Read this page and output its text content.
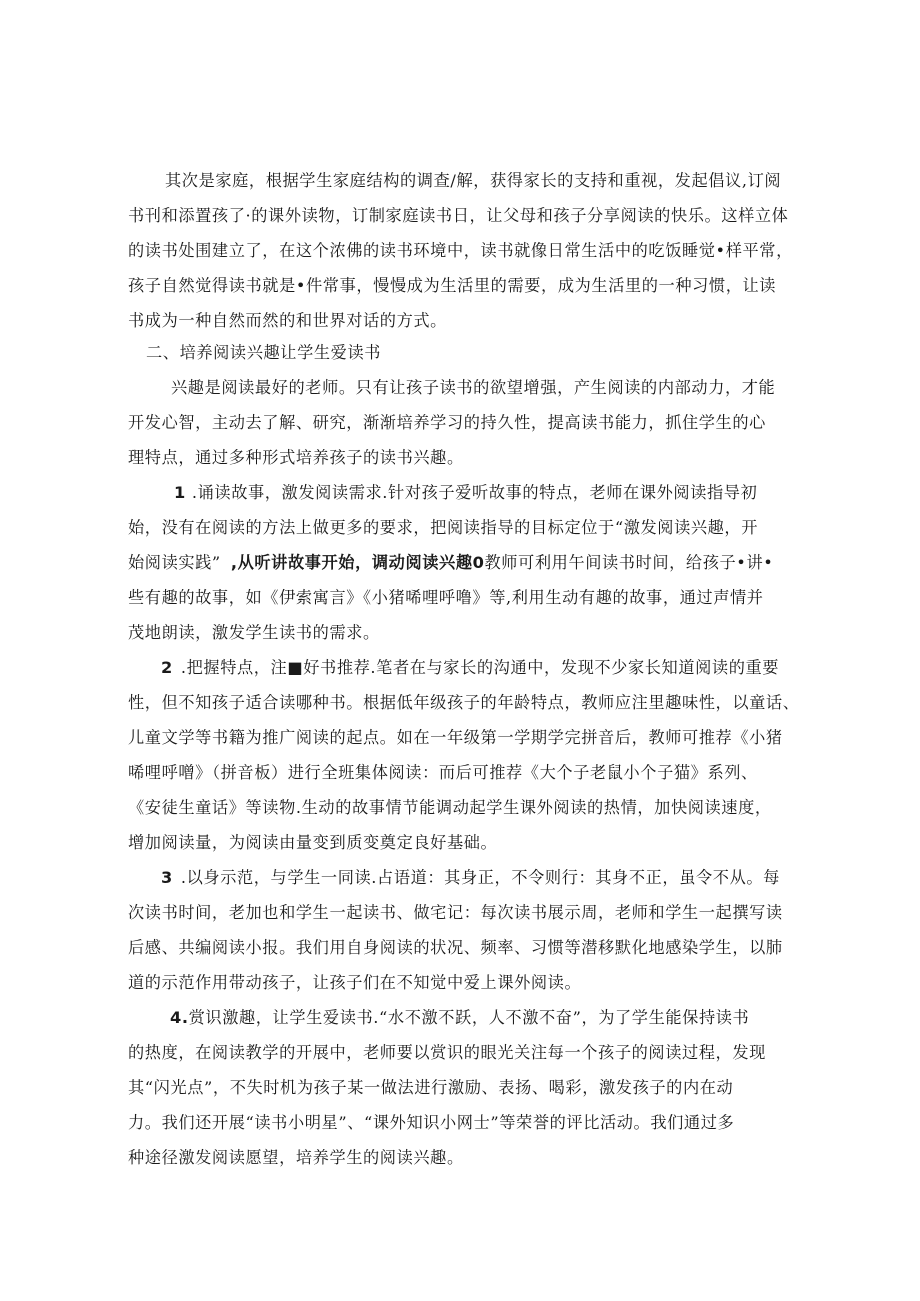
其次是家庭，根据学生家庭结构的调查/解，获得家长的支持和重视，发起倡议,订阅
书刊和添置孩了·的课外读物，订制家庭读书日，让父母和孩子分享阅读的快乐。这样立体
的读书处围建立了，在这个浓佛的读书环境中，读书就像日常生活中的吃饭睡觉•样平常，
孩子自然觉得读书就是•件常事，慢慢成为生活里的需要，成为生活里的一种习惯，让读
书成为一种自然而然的和世界对话的方式。
二、培养阅读兴趣让学生爱读书
兴趣是阅读最好的老师。只有让孩子读书的欲望增强，产生阅读的内部动力，才能
开发心智，主动去了解、研究，渐渐培养学习的持久性，提高读书能力，抓住学生的心
理特点，通过多种形式培养孩子的读书兴趣。
1 .诵读故事，激发阅读需求.针对孩子爱听故事的特点，老师在课外阅读指导初
始，没有在阅读的方法上做更多的要求，把阅读指导的目标定位于“激发阅读兴趣，开
始阅读实践” ,从听讲故事开始，调动阅读兴趣0教师可利用午间读书时间，给孩子•讲•
些有趣的故事，如《伊索寓言》《小猪唏哩呼噜》等,利用生动有趣的故事，通过声情并
茂地朗读，激发学生读书的需求。
2 .把握特点，注■好书推荐.笔者在与家长的沟通中，发现不少家长知道阅读的重要
性，但不知孩子适合读哪种书。根据低年级孩子的年龄特点，教师应注里趣味性，以童话、
儿童文学等书籍为推广阅读的起点。如在一年级第一学期学完拼音后，教师可推荐《小猪
唏哩呼噌》（拼音板）进行全班集体阅读：而后可推荐《大个子老鼠小个子猫》系列、
《安徒生童话》等读物.生动的故事情节能调动起学生课外阅读的热情，加快阅读速度，
增加阅读量，为阅读由量变到质变奠定良好基础。
3 .以身示范，与学生一同读.占语道：其身正，不令则行：其身不正，虽令不从。每
次读书时间，老加也和学生一起读书、做宅记：每次读书展示周，老师和学生一起撰写读
后感、共编阅读小报。我们用自身阅读的状况、频率、习惯等潜移默化地感染学生，以肺
道的示范作用带动孩子，让孩子们在不知觉中爱上课外阅读。
4.赏识激趣，让学生爱读书.“水不激不跃，人不激不奋”，为了学生能保持读书
的热度，在阅读教学的开展中，老师要以赏识的眼光关注每一个孩子的阅读过程，发现
其“闪光点”，不失时机为孩子某一做法进行激励、表扬、喝彩，激发孩子的内在动
力。我们还开展“读书小明星”、“课外知识小网士”等荣誉的评比活动。我们通过多
种途径激发阅读愿望，培养学生的阅读兴趣。
